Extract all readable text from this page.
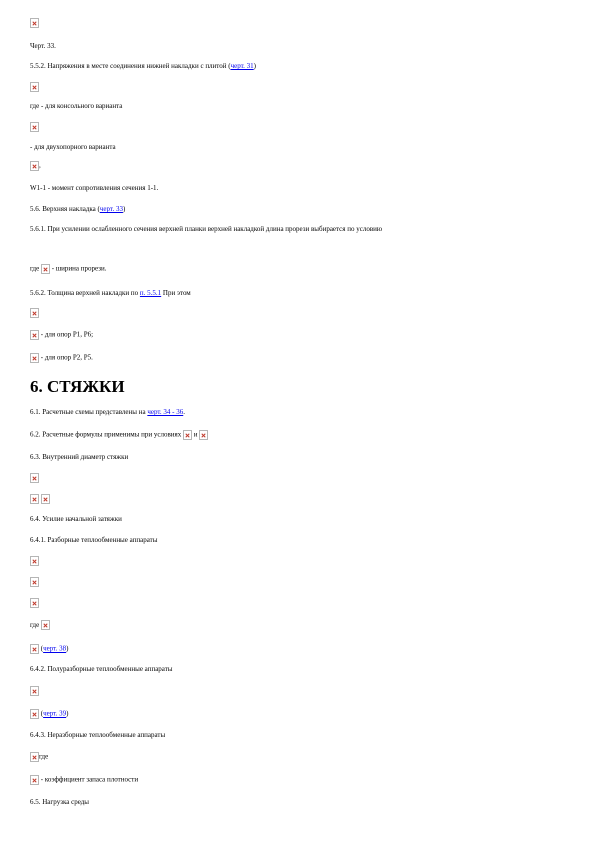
Черт. 33.
5.5.2. Напряжения в месте соединения нижней накладки с плитой (черт. 31)
где - для консольного варианта
- для двухопорного варианта
,
W1-1 - момент сопротивления сечения 1-1.
5.6. Верхняя накладка (черт. 33)
5.6.1. При усилении ослабленного сечения верхней планки верхней накладкой длина прорези выбирается по условию
где - ширина прорези.
5.6.2. Толщина верхней накладки по п. 5.5.1 При этом
- для опор Р1, Р6;
- для опор Р2, Р5.
6. СТЯЖКИ
6.1. Расчетные схемы представлены на черт. 34 - 36.
6.2. Расчетные формулы применимы при условиях и
6.3. Внутренний диаметр стяжки

6.4. Усилие начальной затяжки
6.4.1. Разборные теплообменные аппараты
где
(черт. 38)
6.4.2. Полуразборные теплообменные аппараты
(черт. 39)
6.4.3. Неразборные теплообменные аппараты
где
- коэффициент запаса плотности
6.5. Нагрузка среды
